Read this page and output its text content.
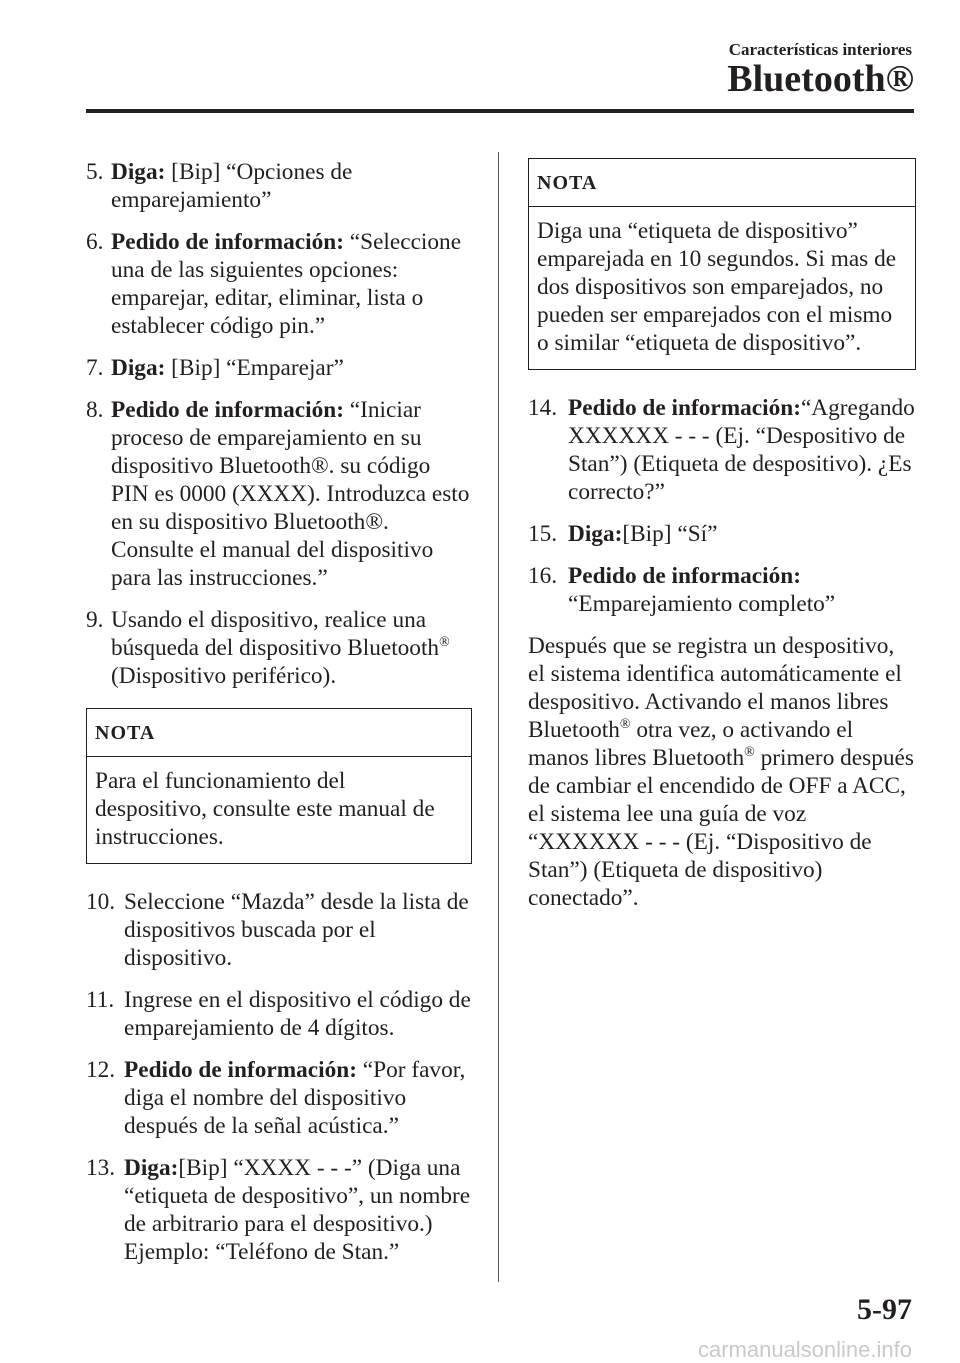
Características interiores
Bluetooth®
5. Diga: [Bip] “Opciones de emparejamiento”
6. Pedido de información: “Seleccione una de las siguientes opciones: emparejar, editar, eliminar, lista o establecer código pin.”
7. Diga: [Bip] “Emparejar”
8. Pedido de información: “Iniciar proceso de emparejamiento en su dispositivo Bluetooth®. su código PIN es 0000 (XXXX). Introduzca esto en su dispositivo Bluetooth®. Consulte el manual del dispositivo para las instrucciones.”
9. Usando el dispositivo, realice una búsqueda del dispositivo Bluetooth® (Dispositivo periférico).
NOTA
Para el funcionamiento del despositivo, consulte este manual de instrucciones.
10. Seleccione “Mazda” desde la lista de dispositivos buscada por el dispositivo.
11. Ingrese en el dispositivo el código de emparejamiento de 4 dígitos.
12. Pedido de información: “Por favor, diga el nombre del dispositivo después de la señal acústica.”
13. Diga:[Bip] “XXXX - - -” (Diga una “etiqueta de despositivo”, un nombre de arbitrario para el despositivo.) Ejemplo: “Teléfono de Stan.”
NOTA
Diga una “etiqueta de dispositivo” emparejada en 10 segundos. Si mas de dos dispositivos son emparejados, no pueden ser emparejados con el mismo o similar “etiqueta de dispositivo”.
14. Pedido de información:“Agregando XXXXXX - - - (Ej. “Despositivo de Stan”) (Etiqueta de despositivo). ¿Es correcto?”
15. Diga:[Bip] “Sí”
16. Pedido de información: “Emparejamiento completo”
Después que se registra un despositivo, el sistema identifica automáticamente el despositivo. Activando el manos libres Bluetooth® otra vez, o activando el manos libres Bluetooth® primero después de cambiar el encendido de OFF a ACC, el sistema lee una guía de voz “XXXXXX - - - (Ej. “Dispositivo de Stan”) (Etiqueta de dispositivo) conectado”.
5-97
carmanualsonline.info
